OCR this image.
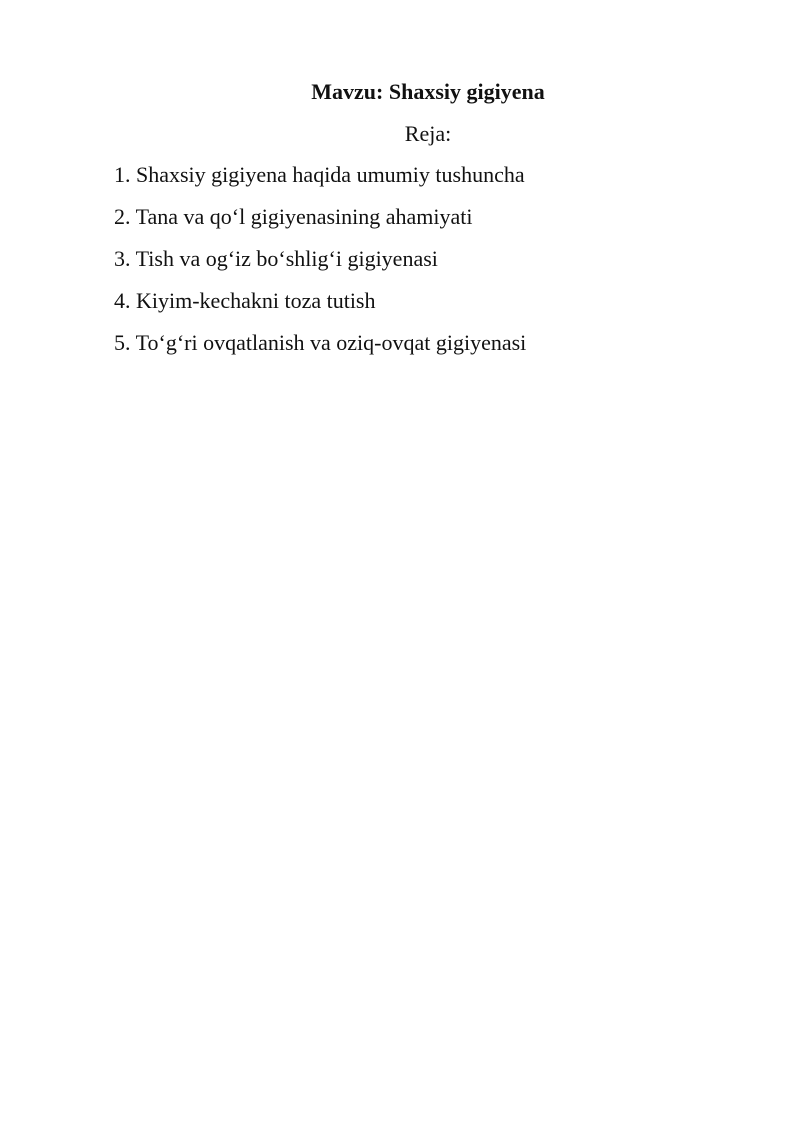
Mavzu: Shaxsiy gigiyena
Reja:
1. Shaxsiy gigiyena haqida umumiy tushuncha
2. Tana va qo‘l gigiyenasining ahamiyati
3. Tish va og‘iz bo‘shlig‘i gigiyenasi
4. Kiyim-kechakni toza tutish
5. To‘g‘ri ovqatlanish va oziq-ovqat gigiyenasi
